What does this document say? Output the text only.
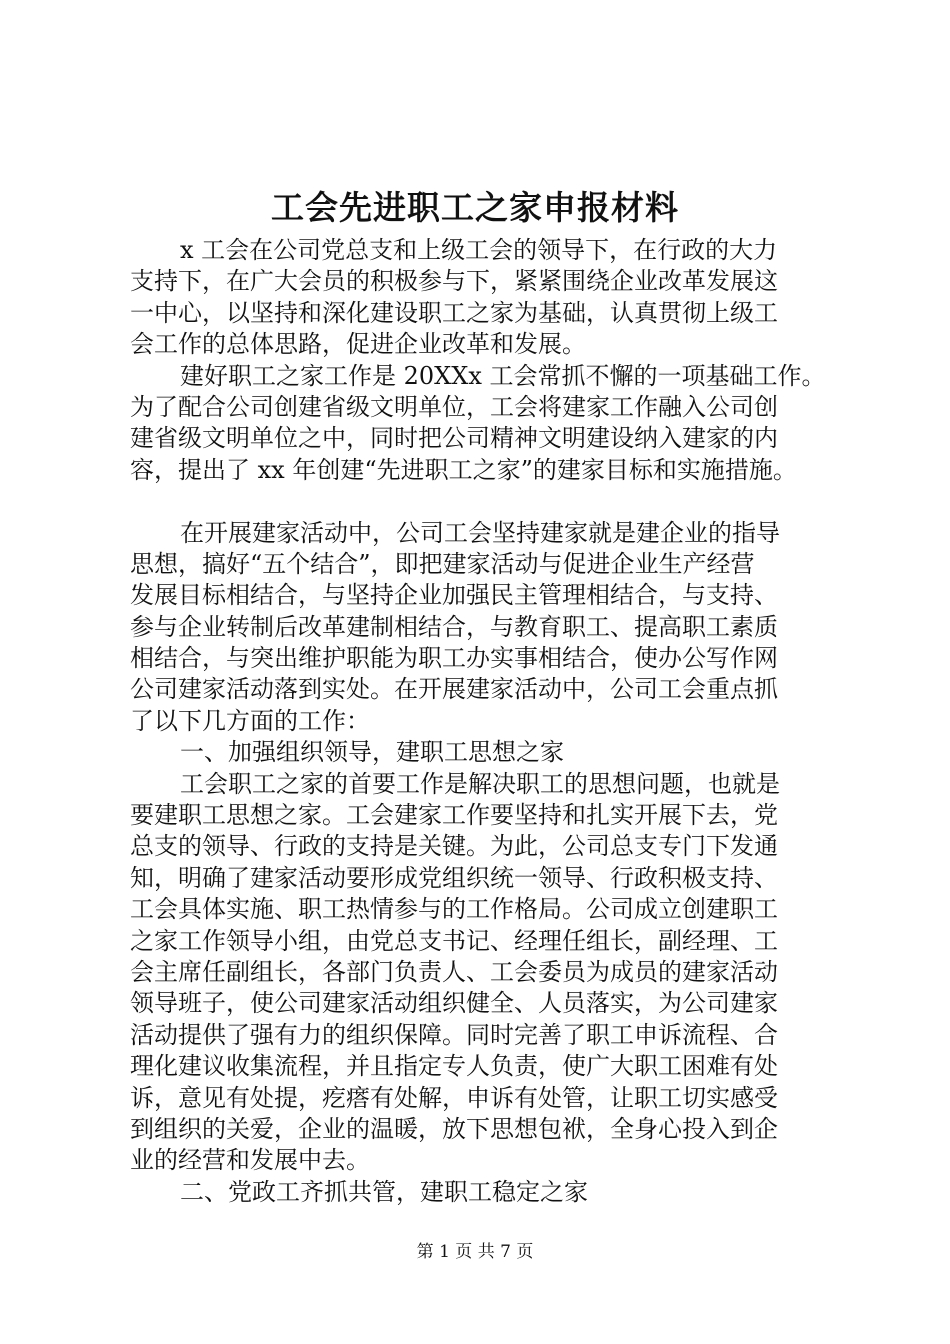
工会先进职工之家申报材料
x 工会在公司党总支和上级工会的领导下，在行政的大力
支持下，在广大会员的积极参与下，紧紧围绕企业改革发展这
一中心，以坚持和深化建设职工之家为基础，认真贯彻上级工
会工作的总体思路，促进企业改革和发展。
建好职工之家工作是 20XXx 工会常抓不懈的一项基础工作。
为了配合公司创建省级文明单位，工会将建家工作融入公司创
建省级文明单位之中，同时把公司精神文明建设纳入建家的内
容，提出了 xx 年创建“先进职工之家”的建家目标和实施措施。
在开展建家活动中，公司工会坚持建家就是建企业的指导
思想，搞好“五个结合”，即把建家活动与促进企业生产经营
发展目标相结合，与坚持企业加强民主管理相结合，与支持、
参与企业转制后改革建制相结合，与教育职工、提高职工素质
相结合，与突出维护职能为职工办实事相结合，使办公写作网
公司建家活动落到实处。在开展建家活动中，公司工会重点抓
了以下几方面的工作：
一、加强组织领导，建职工思想之家
工会职工之家的首要工作是解决职工的思想问题，也就是
要建职工思想之家。工会建家工作要坚持和扎实开展下去，党
总支的领导、行政的支持是关键。为此，公司总支专门下发通
知，明确了建家活动要形成党组织统一领导、行政积极支持、
工会具体实施、职工热情参与的工作格局。公司成立创建职工
之家工作领导小组，由党总支书记、经理任组长，副经理、工
会主席任副组长，各部门负责人、工会委员为成员的建家活动
领导班子，使公司建家活动组织健全、人员落实，为公司建家
活动提供了强有力的组织保障。同时完善了职工申诉流程、合
理化建议收集流程，并且指定专人负责，使广大职工困难有处
诉，意见有处提，疙瘩有处解，申诉有处管，让职工切实感受
到组织的关爱，企业的温暖，放下思想包袱，全身心投入到企
业的经营和发展中去。
二、党政工齐抓共管，建职工稳定之家
第 1 页 共 7 页
